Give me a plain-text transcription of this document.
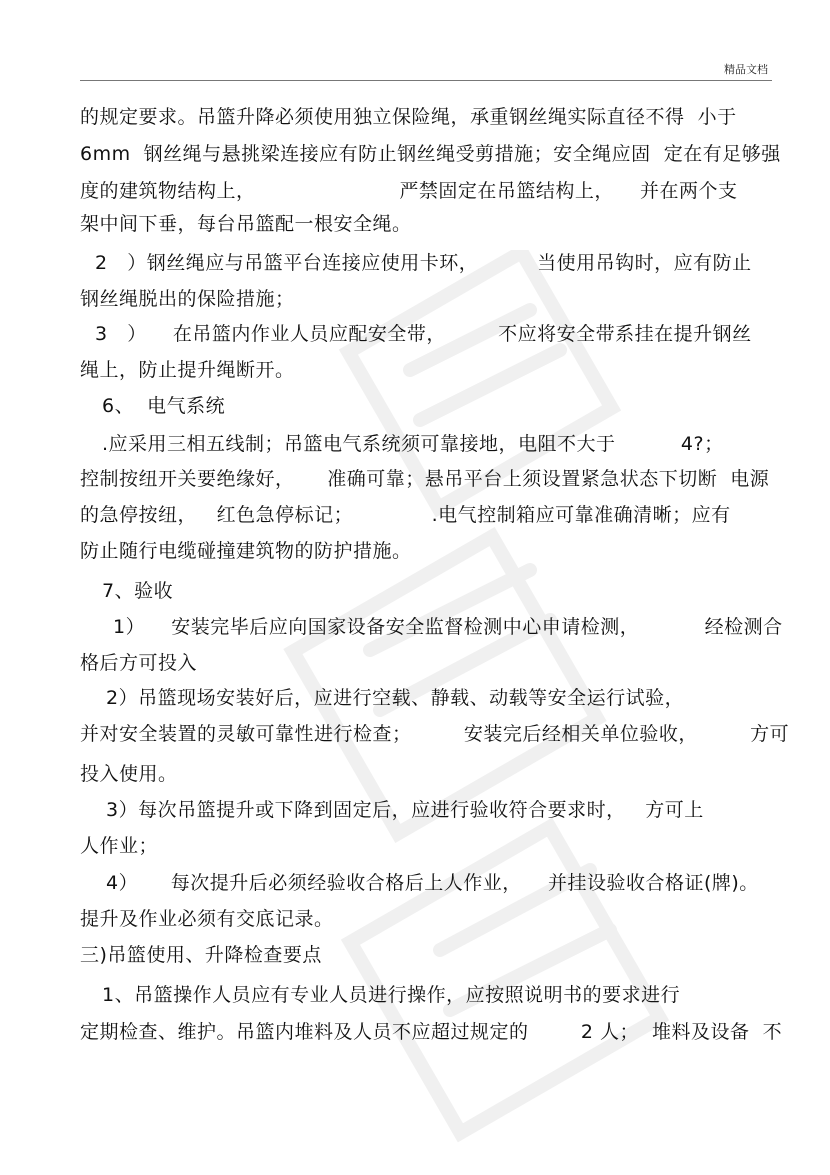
精品文档
的规定要求。吊篮升降必须使用独立保险绳，承重钢丝绳实际直径不得  小于
6mm  钢丝绳与悬挑梁连接应有防止钢丝绳受剪措施；安全绳应固  定在有足够强
度的建筑物结构上，                      严禁固定在吊篮结构上，    并在两个支
架中间下垂，每台吊篮配一根安全绳。
2   ）钢丝绳应与吊篮平台连接应使用卡环，         当使用吊钩时，应有防止
钢丝绳脱出的保险措施；
3   ）    在吊篮内作业人员应配安全带，        不应将安全带系挂在提升钢丝
绳上，防止提升绳断开。
6、  电气系统
.应采用三相五线制；吊篮电气系统须可靠接地，电阻不大于          4?；
控制按纽开关要绝缘好，     准确可靠；悬吊平台上须设置紧急状态下切断  电源
的急停按纽，   红色急停标记；            .电气控制箱应可靠准确清晰；应有
防止随行电缆碰撞建筑物的防护措施。
7、验收
1）    安装完毕后应向国家设备安全监督检测中心申请检测，          经检测合
格后方可投入
2）吊篮现场安装好后，应进行空载、静载、动载等安全运行试验，
并对安全装置的灵敏可靠性进行检查；        安装完后经相关单位验收，        方可
投入使用。
3）每次吊篮提升或下降到固定后，应进行验收符合要求时，   方可上
人作业；
4）     每次提升后必须经验收合格后上人作业，    并挂设验收合格证(牌)。
提升及作业必须有交底记录。
三)吊篮使用、升降检查要点
1、吊篮操作人员应有专业人员进行操作，应按照说明书的要求进行
定期检查、维护。吊篮内堆料及人员不应超过规定的        2 人；  堆料及设备  不
